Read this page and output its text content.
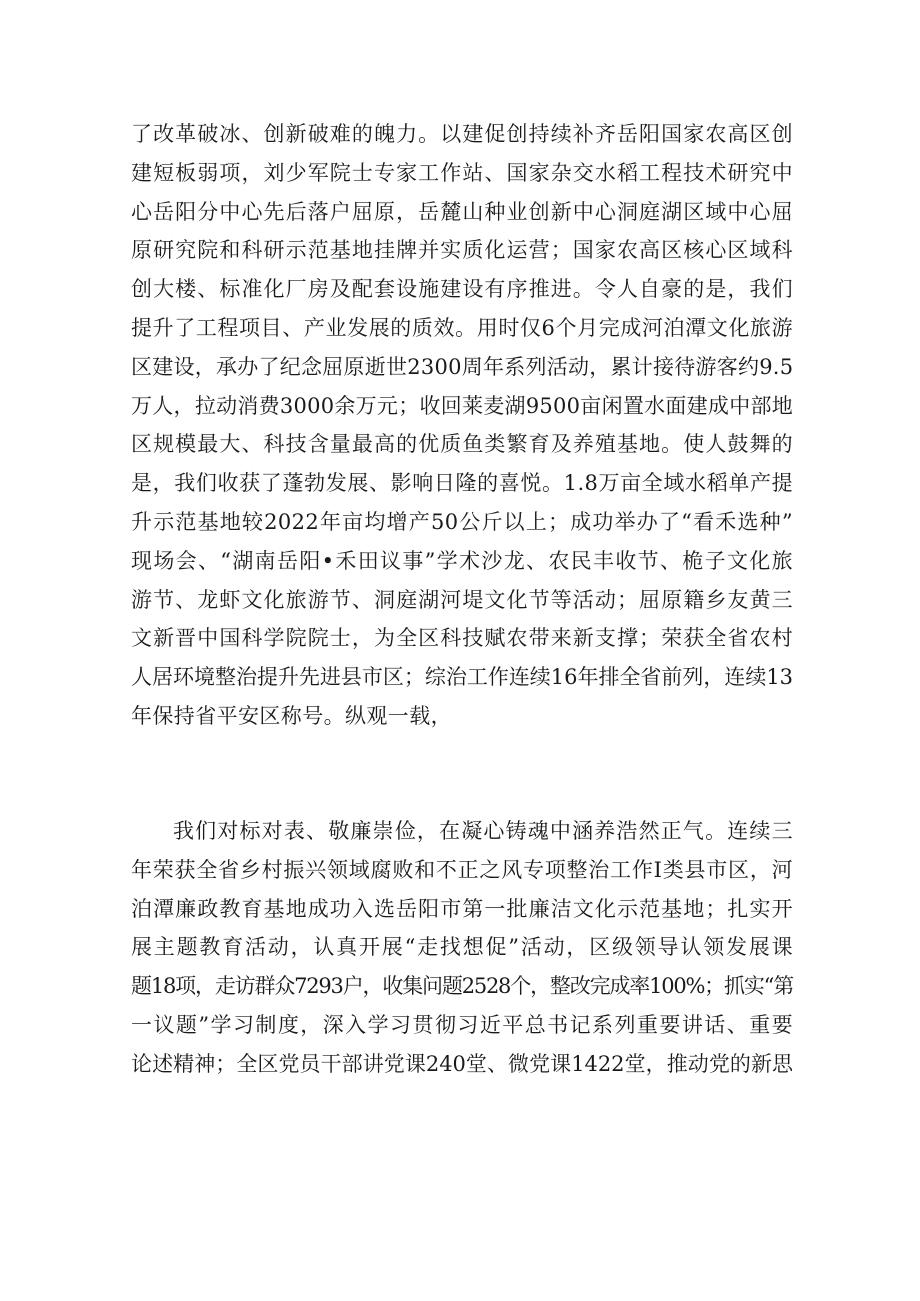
了改革破冰、创新破难的魄力。以建促创持续补齐岳阳国家农高区创
建短板弱项，刘少军院士专家工作站、国家杂交水稻工程技术研究中
心岳阳分中心先后落户屈原，岳麓山种业创新中心洞庭湖区域中心屈
原研究院和科研示范基地挂牌并实质化运营；国家农高区核心区域科
创大楼、标准化厂房及配套设施建设有序推进。令人自豪的是，我们
提升了工程项目、产业发展的质效。用时仅6个月完成河泊潭文化旅游
区建设，承办了纪念屈原逝世2300周年系列活动，累计接待游客约9.5
万人，拉动消费3000余万元；收回莱麦湖9500亩闲置水面建成中部地
区规模最大、科技含量最高的优质鱼类繁育及养殖基地。使人鼓舞的
是，我们收获了蓬勃发展、影响日隆的喜悦。1.8万亩全域水稻单产提
升示范基地较2022年亩均增产50公斤以上；成功举办了“看禾选种”
现场会、“湖南岳阳•禾田议事”学术沙龙、农民丰收节、桅子文化旅
游节、龙虾文化旅游节、洞庭湖河堤文化节等活动；屈原籍乡友黄三
文新晋中国科学院院士，为全区科技赋农带来新支撑；荣获全省农村
人居环境整治提升先进县市区；综治工作连续16年排全省前列，连续13
年保持省平安区称号。纵观一载，
我们对标对表、敬廉崇俭，在凝心铸魂中涵养浩然正气。连续三
年荣获全省乡村振兴领域腐败和不正之风专项整治工作I类县市区，河
泊潭廉政教育基地成功入选岳阳市第一批廉洁文化示范基地；扎实开
展主题教育活动，认真开展“走找想促”活动，区级领导认领发展课
题18项，走访群众7293户，收集问题2528个，整改完成率100%；抓实“第
一议题”学习制度，深入学习贯彻习近平总书记系列重要讲话、重要
论述精神；全区党员干部讲党课240堂、微党课1422堂，推动党的新思
